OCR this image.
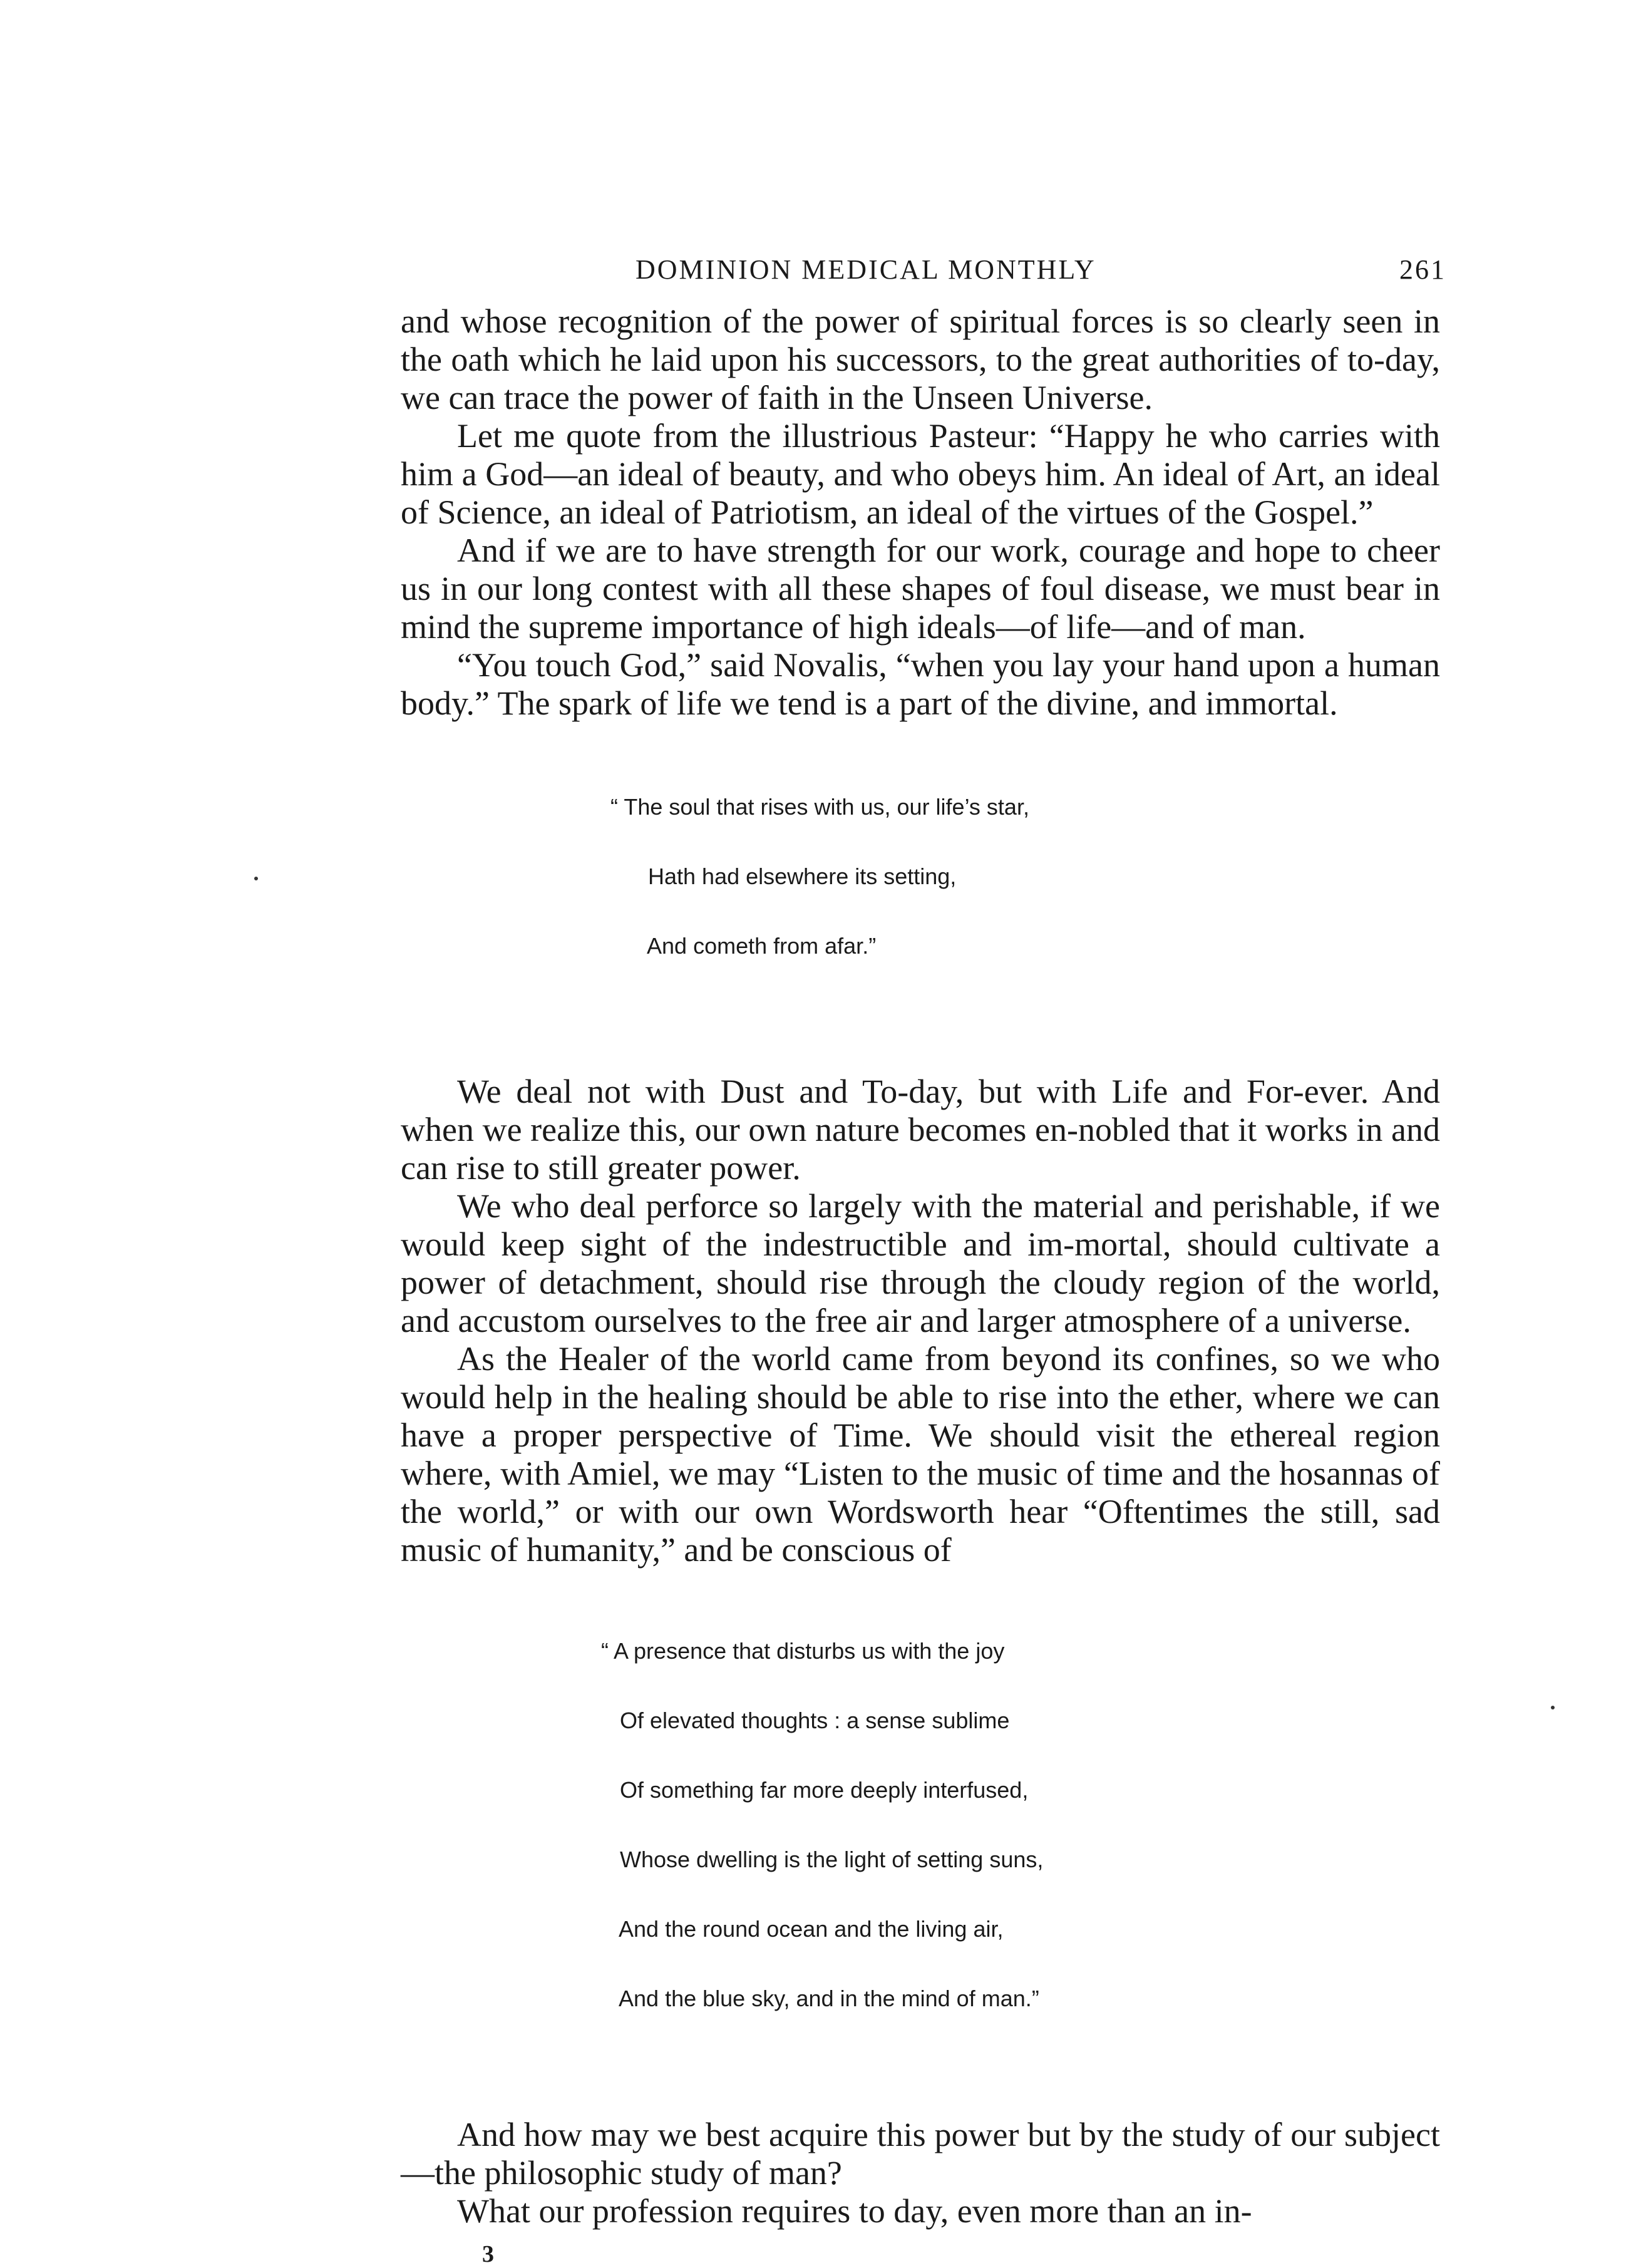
DOMINION MEDICAL MONTHLY	261

and whose recognition of the power of spiritual forces is so clearly seen in the oath which he laid upon his successors, to the great authorities of to-day, we can trace the power of faith in the Unseen Universe.

Let me quote from the illustrious Pasteur: “Happy he who carries with him a God—an ideal of beauty, and who obeys him. An ideal of Art, an ideal of Science, an ideal of Patriotism, an ideal of the virtues of the Gospel.”

And if we are to have strength for our work, courage and hope to cheer us in our long contest with all these shapes of foul disease, we must bear in mind the supreme importance of high ideals—of life—and of man.

“You touch God,” said Novalis, “when you lay your hand upon a human body.” The spark of life we tend is a part of the divine, and immortal.

“ The soul that rises with us, our life’s star,

Hath had elsewhere its setting,

And cometh from afar.”

We deal not with Dust and To-day, but with Life and For-ever. And when we realize this, our own nature becomes en-nobled that it works in and can rise to still greater power.

We who deal perforce so largely with the material and perishable, if we would keep sight of the indestructible and im-mortal, should cultivate a power of detachment, should rise through the cloudy region of the world, and accustom ourselves to the free air and larger atmosphere of a universe.

As the Healer of the world came from beyond its confines, so we who would help in the healing should be able to rise into the ether, where we can have a proper perspective of Time. We should visit the ethereal region where, with Amiel, we may “Listen to the music of time and the hosannas of the world,” or with our own Wordsworth hear “Oftentimes the still, sad music of humanity,” and be conscious of

“ A presence that disturbs us with the joy

Of elevated thoughts : a sense sublime

Of something far more deeply interfused,

Whose dwelling is the light of setting suns,

And the round ocean and the living air,

And the blue sky, and in the mind of man.”

And how may we best acquire this power but by the study of our subject—the philosophic study of man?

What our profession requires to day, even more than an in-

3
